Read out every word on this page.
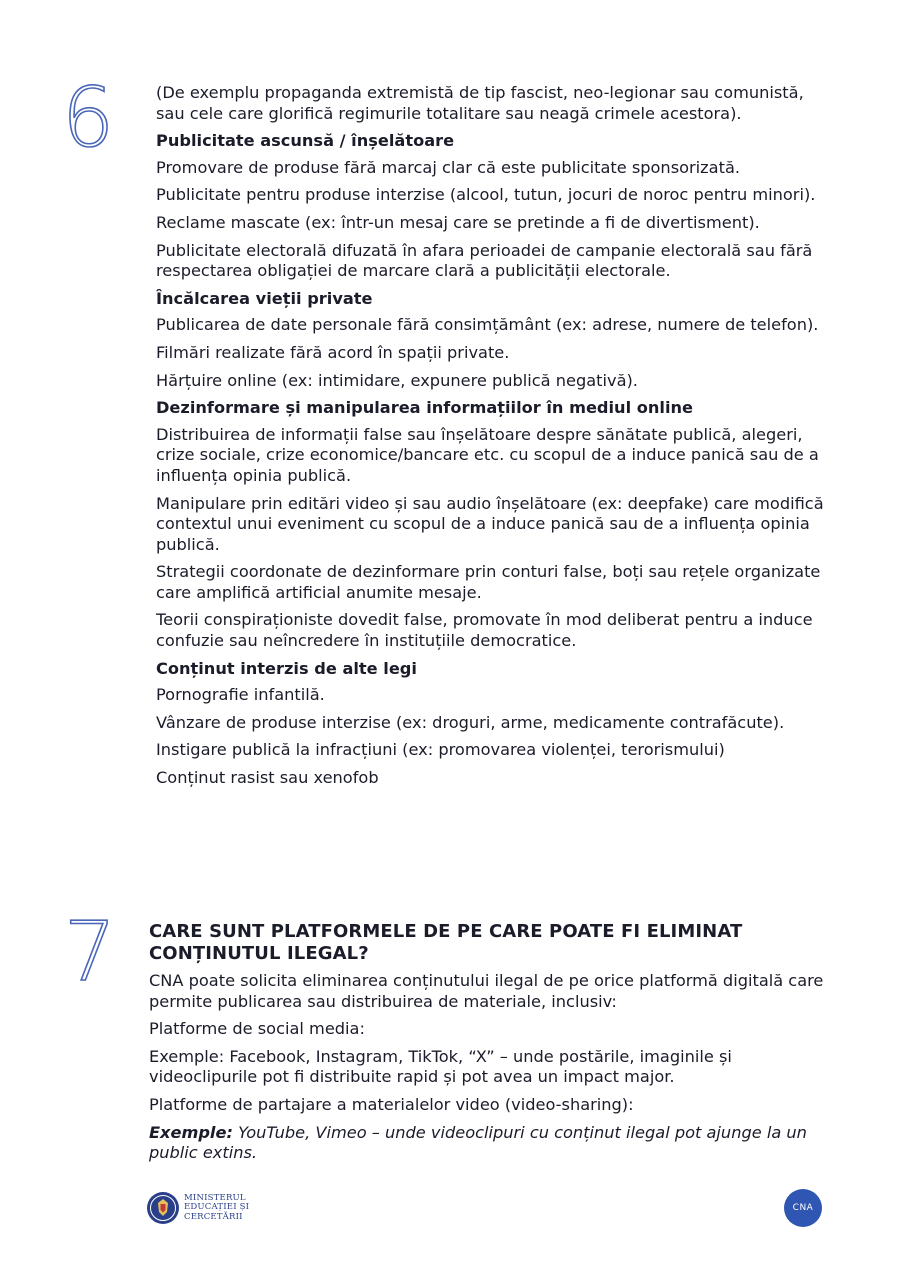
6	(De exemplu propaganda extremistă de tip fascist, neo-legionar sau comunistă, sau cele care glorifică regimurile totalitare sau neagă crimele acestora).

Publicitate ascunsă / înșelătoare

Promovare de produse fără marcaj clar că este publicitate sponsorizată.

Publicitate pentru produse interzise (alcool, tutun, jocuri de noroc pentru minori).

Reclame mascate (ex: într-un mesaj care se pretinde a fi de divertisment).

Publicitate electorală difuzată în afara perioadei de campanie electorală sau fără respectarea obligației de marcare clară a publicității electorale.

Încălcarea vieții private

Publicarea de date personale fără consimțământ (ex: adrese, numere de telefon).

Filmări realizate fără acord în spații private.

Hărțuire online (ex: intimidare, expunere publică negativă).

Dezinformare și manipularea informațiilor în mediul online

Distribuirea de informații false sau înșelătoare despre sănătate publică, alegeri, crize sociale, crize economice/bancare etc. cu scopul de a induce panică sau de a influența opinia publică.

Manipulare prin editări video și sau audio înșelătoare (ex: deepfake) care modifică contextul unui eveniment cu scopul de a induce panică sau de a influența opinia publică.

Strategii coordonate de dezinformare prin conturi false, boți sau rețele organizate care amplifică artificial anumite mesaje.

Teorii conspiraționiste dovedit false, promovate în mod deliberat pentru a induce confuzie sau neîncredere în instituțiile democratice.

Conținut interzis de alte legi

Pornografie infantilă.

Vânzare de produse interzise (ex: droguri, arme, medicamente contrafăcute).

Instigare publică la infracțiuni (ex: promovarea violenței, terorismului)

Conținut rasist sau xenofob

7 CARE SUNT PLATFORMELE DE PE CARE POATE FI ELIMINAT CONȚINUTUL ILEGAL?

CNA poate solicita eliminarea conținutului ilegal de pe orice platformă digitală care permite publicarea sau distribuirea de materiale, inclusiv:

Platforme de social media:

Exemple: Facebook, Instagram, TikTok, “X” – unde postările, imaginile și videoclipurile pot fi distribuite rapid și pot avea un impact major.

Platforme de partajare a materialelor video (video-sharing):

Exemple: YouTube, Vimeo – unde videoclipuri cu conținut ilegal pot ajunge la un public extins.

MINISTERUL
EDUCAȚIEI ȘI
CERCETĂRII
CNA
